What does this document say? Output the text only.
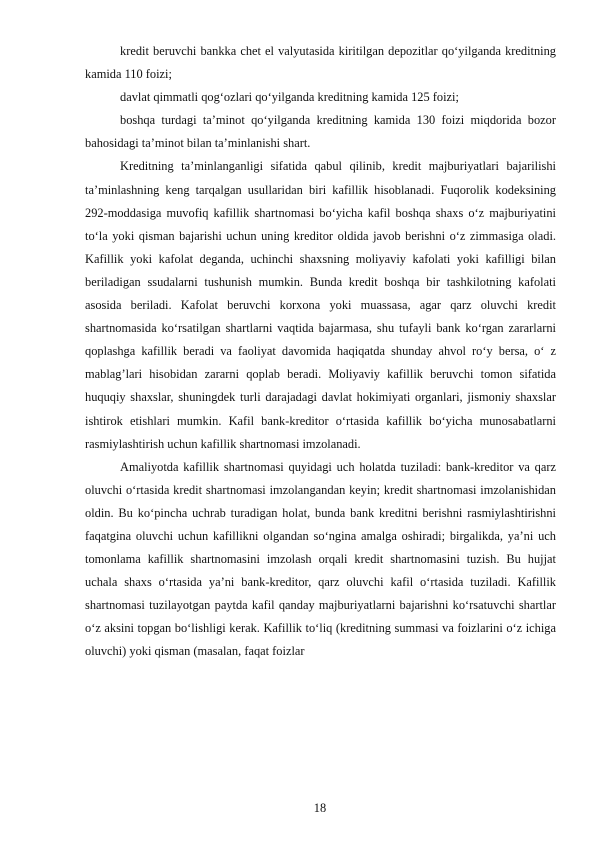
kredit beruvchi bankka chet el valyutasida kiritilgan depozitlar qo‘yilganda kreditning kamida 110 foizi;

davlat qimmatli qog‘ozlari qo‘yilganda kreditning kamida 125 foizi;

boshqa turdagi ta’minot qo‘yilganda kreditning kamida 130 foizi miqdorida bozor bahosidagi ta’minot bilan ta’minlanishi shart.

Kreditning ta’minlanganligi sifatida qabul qilinib, kredit majburiyatlari bajarilishi ta’minlashning keng tarqalgan usullaridan biri kafillik hisoblanadi. Fuqorolik kodeksining 292-moddasiga muvofiq kafillik shartnomasi bo‘yicha kafil boshqa shaxs o‘z majburiyatini to‘la yoki qisman bajarishi uchun uning kreditor oldida javob berishni o‘z zimmasiga oladi. Kafillik yoki kafolat deganda, uchinchi shaxsning moliyaviy kafolati yoki kafilligi bilan beriladigan ssudalarni tushunish mumkin. Bunda kredit boshqa bir tashkilotning kafolati asosida beriladi. Kafolat beruvchi korxona yoki muassasa, agar qarz oluvchi kredit shartnomasida ko‘rsatilgan shartlarni vaqtida bajarmasa, shu tufayli bank ko‘rgan zararlarni qoplashga kafillik beradi va faoliyat davomida haqiqatda shunday ahvol ro‘y bersa, o‘ z mablag’lari hisobidan zararni qoplab beradi. Moliyaviy kafillik beruvchi tomon sifatida huquqiy shaxslar, shuningdek turli darajadagi davlat hokimiyati organlari, jismoniy shaxslar ishtirok etishlari mumkin. Kafil bank-kreditor o‘rtasida kafillik bo‘yicha munosabatlarni rasmiylashtirish uchun kafillik shartnomasi imzolanadi.

Amaliyotda kafillik shartnomasi quyidagi uch holatda tuziladi: bank-kreditor va qarz oluvchi o‘rtasida kredit shartnomasi imzolangandan keyin; kredit shartnomasi imzolanishidan oldin. Bu ko‘pincha uchrab turadigan holat, bunda bank kreditni berishni rasmiylashtirishni faqatgina oluvchi uchun kafillikni olgandan so‘ngina amalga oshiradi; birgalikda, ya’ni uch tomonlama kafillik shartnomasini imzolash orqali kredit shartnomasini tuzish. Bu hujjat uchala shaxs o‘rtasida ya’ni bank-kreditor, qarz oluvchi kafil o‘rtasida tuziladi. Kafillik shartnomasi tuzilayotgan paytda kafil qanday majburiyatlarni bajarishni ko‘rsatuvchi shartlar o‘z aksini topgan bo‘lishligi kerak. Kafillik to‘liq (kreditning summasi va foizlarini o‘z ichiga oluvchi) yoki qisman (masalan, faqat foizlar

18
